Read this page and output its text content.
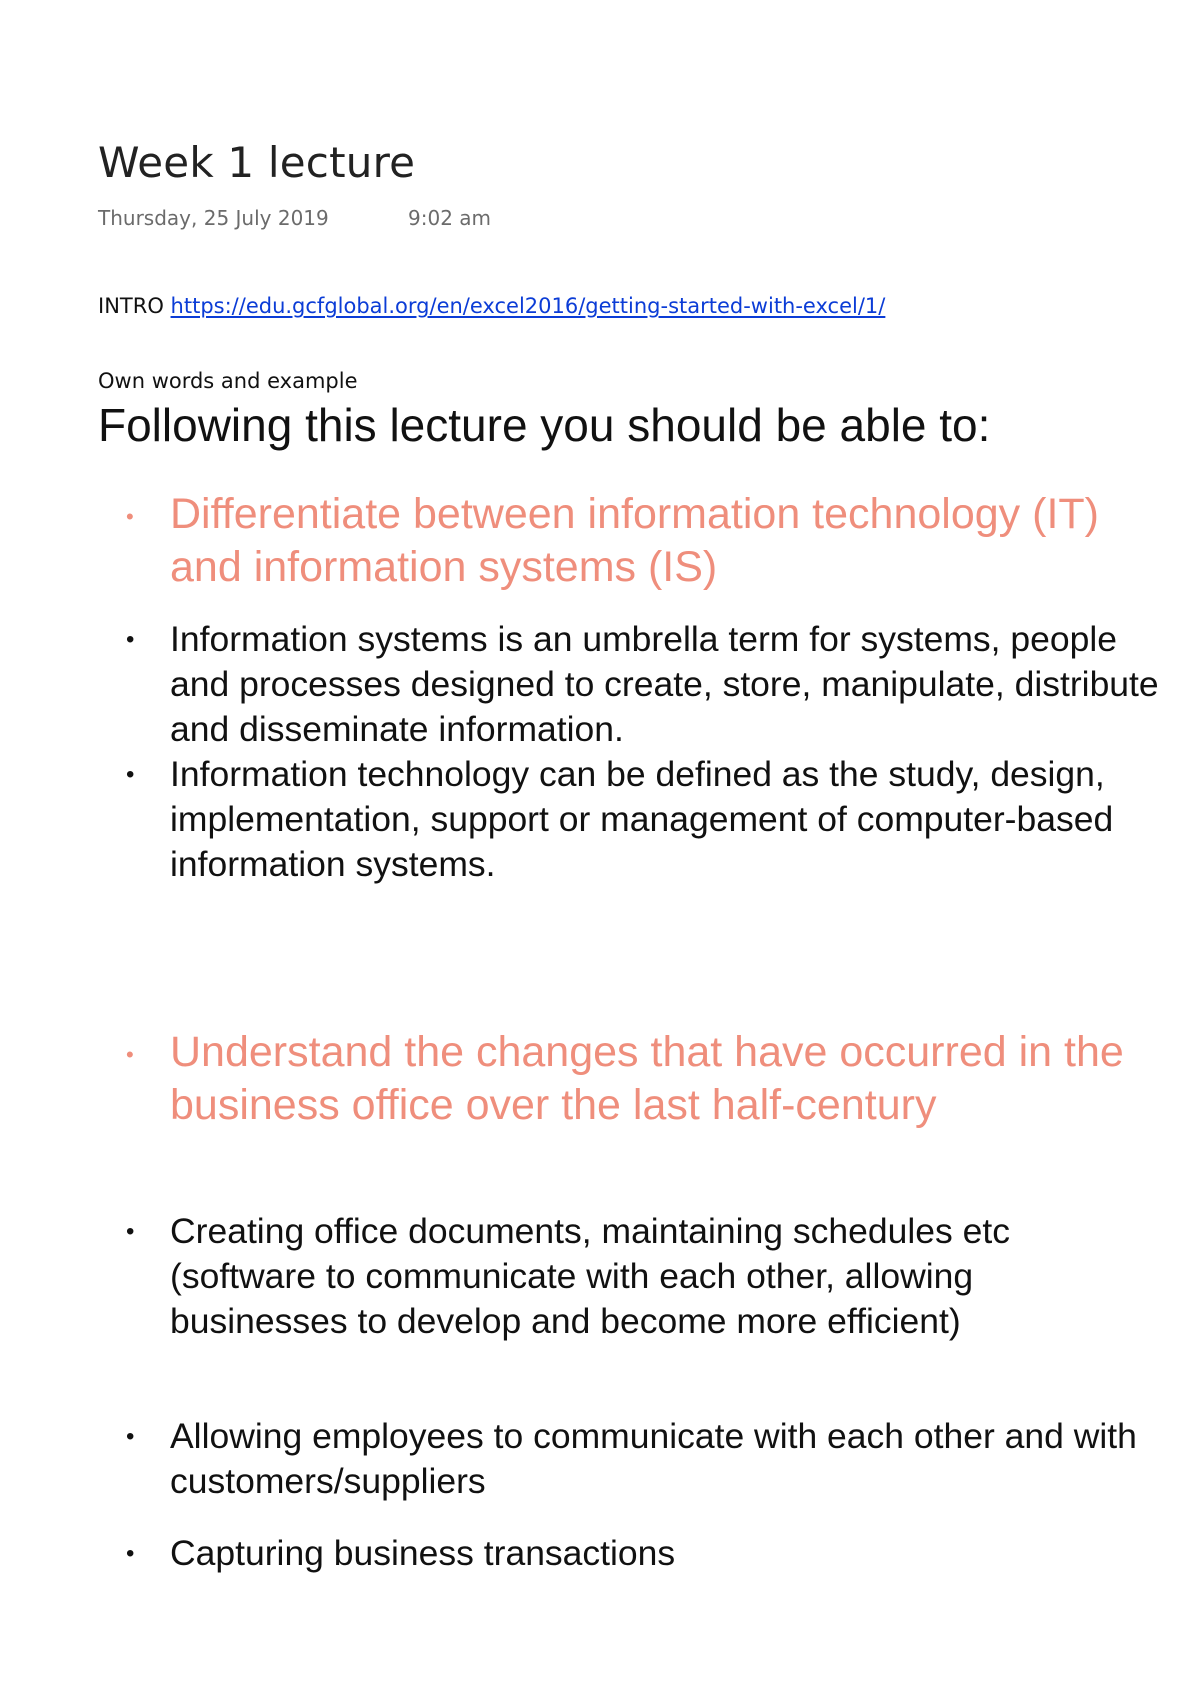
Week 1 lecture
Thursday, 25 July 2019	9:02 am
INTRO https://edu.gcfglobal.org/en/excel2016/getting-started-with-excel/1/
Own words and example
Following this lecture you should be able to:
• Differentiate between information technology (IT) and information systems (IS)
• Information systems is an umbrella term for systems, people and processes designed to create, store, manipulate, distribute and disseminate information.
• Information technology can be defined as the study, design, implementation, support or management of computer-based information systems.
• Understand the changes that have occurred in the business office over the last half-century
• Creating office documents, maintaining schedules etc (software to communicate with each other, allowing businesses to develop and become more efficient)
• Allowing employees to communicate with each other and with customers/suppliers
• Capturing business transactions
